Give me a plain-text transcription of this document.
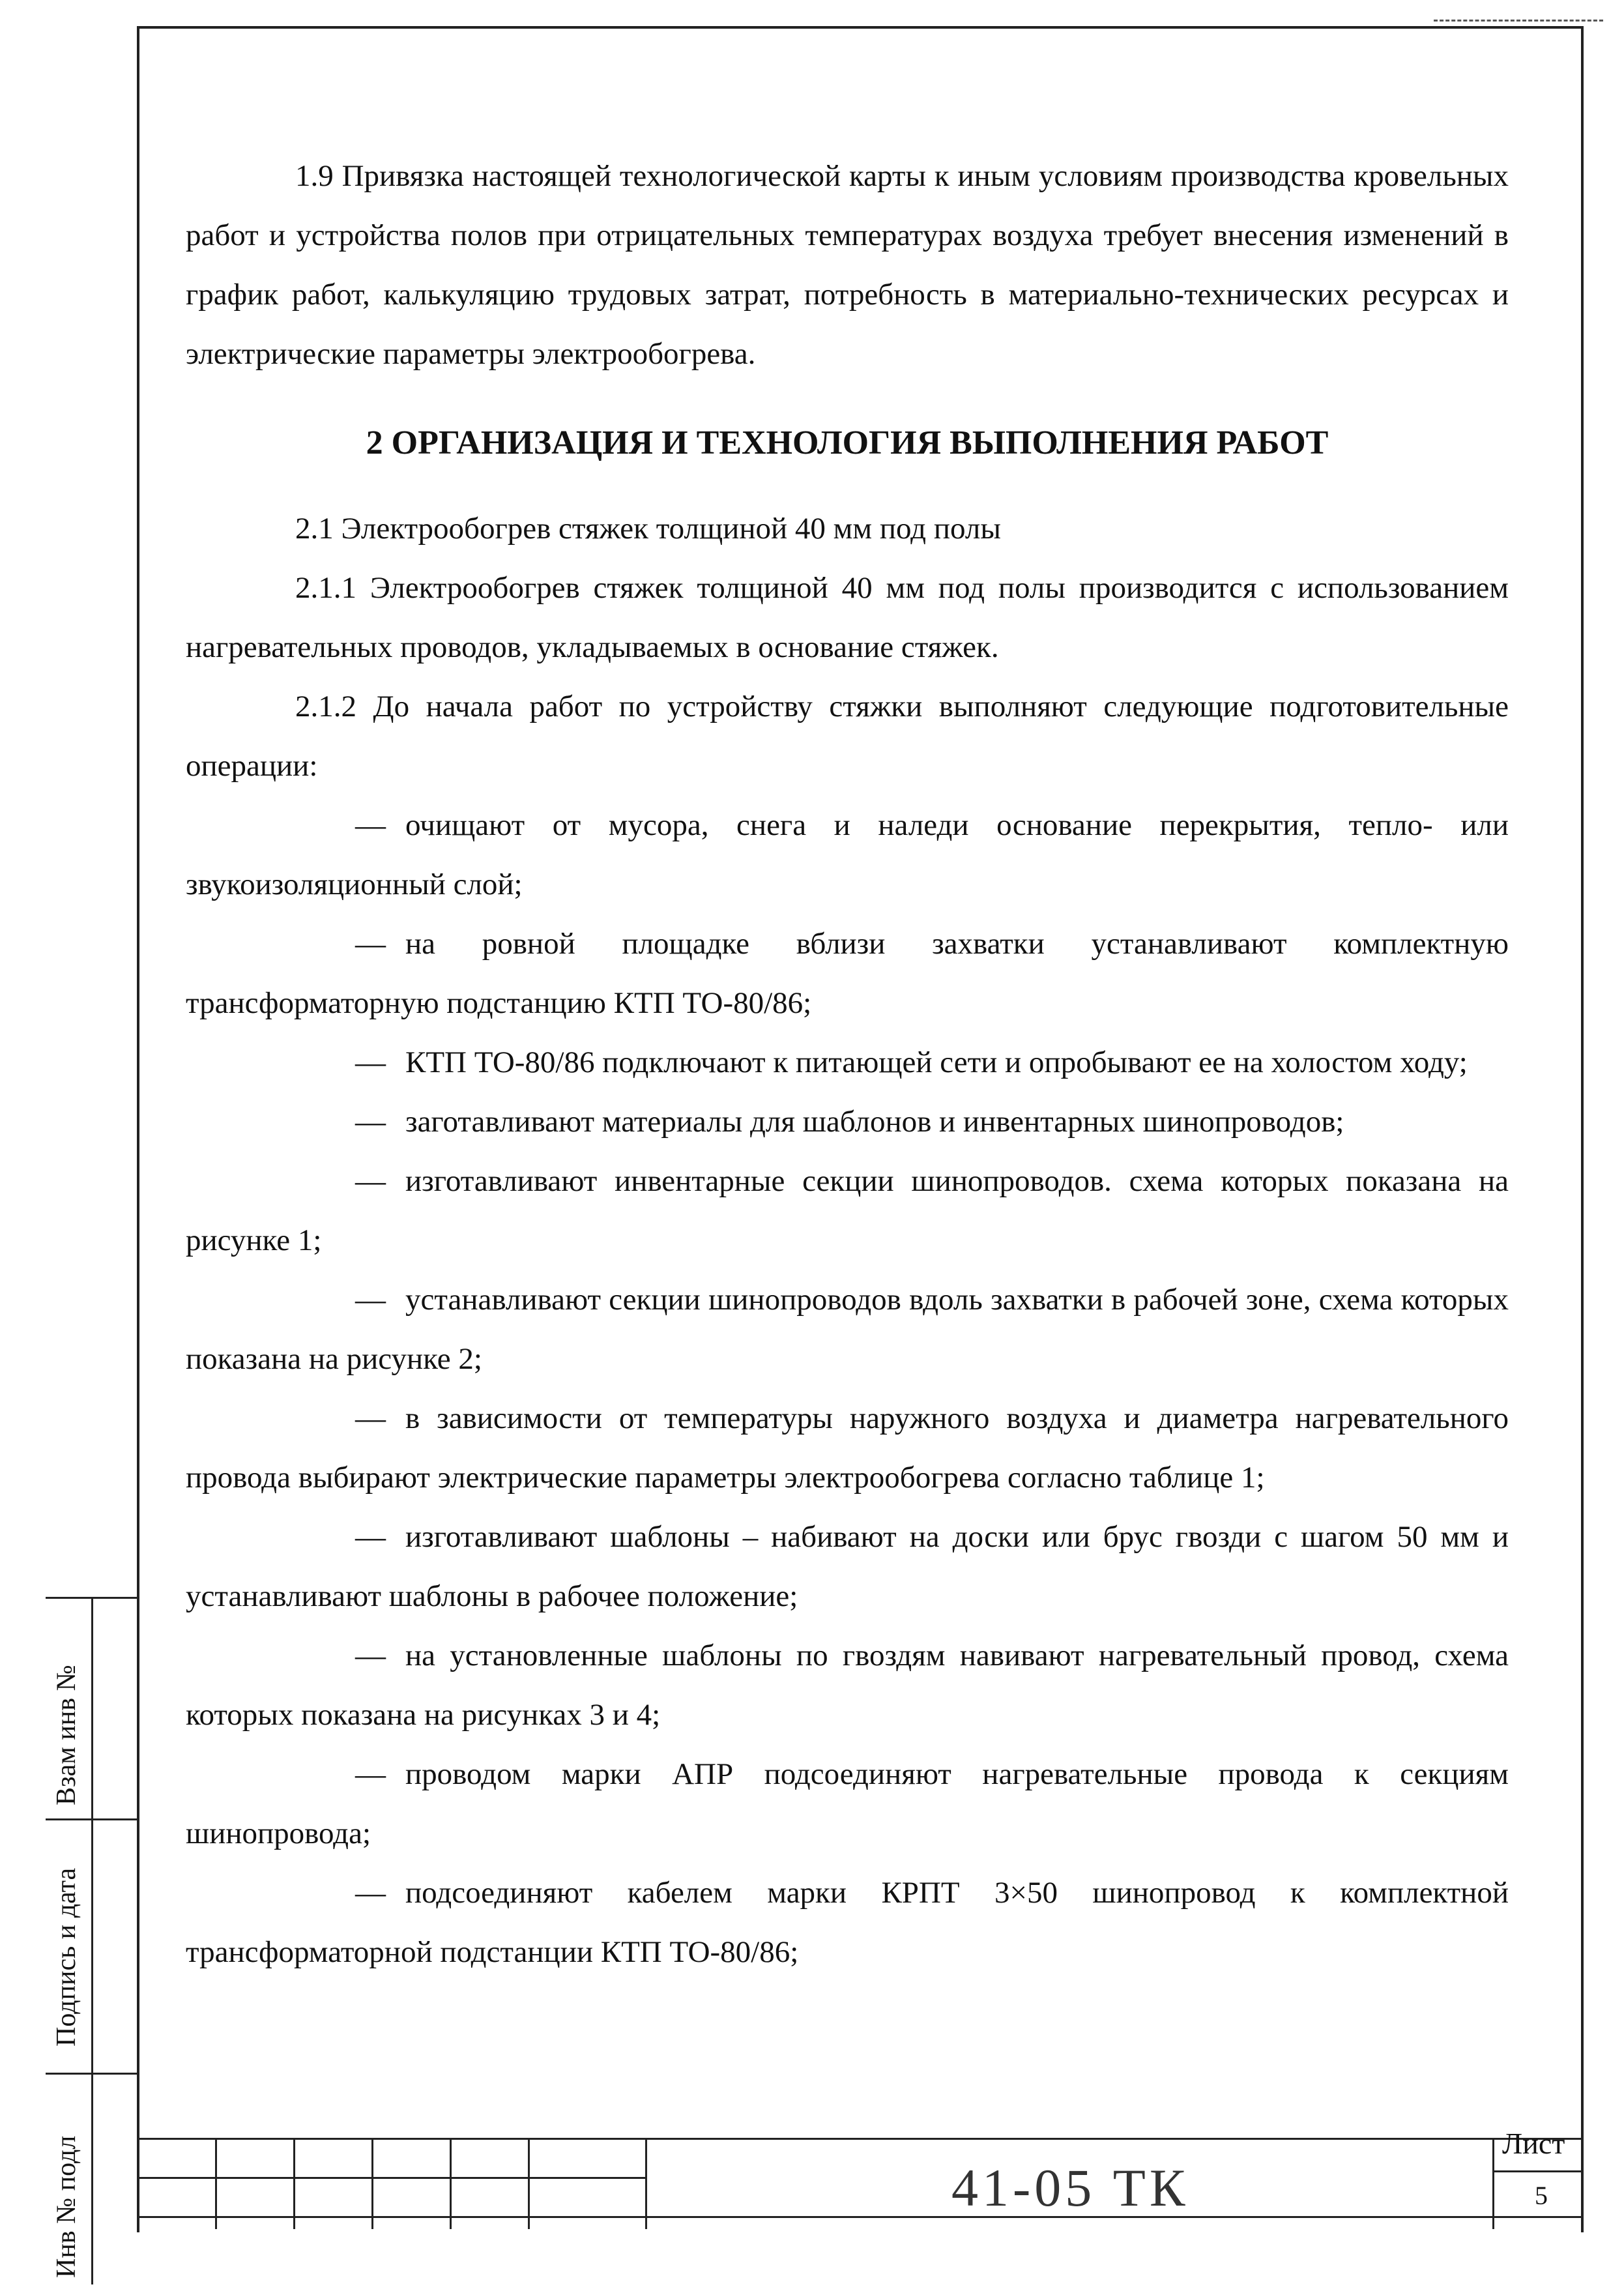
1.9 Привязка настоящей технологической карты к иным условиям производства кровельных работ и устройства полов при отрицательных температурах воздуха требует внесения изменений в график работ, калькуляцию трудовых затрат, потребность в материально-технических ресурсах и электрические параметры электрообогрева.

2 ОРГАНИЗАЦИЯ И ТЕХНОЛОГИЯ ВЫПОЛНЕНИЯ РАБОТ

2.1 Электрообогрев стяжек толщиной 40 мм под полы

2.1.1 Электрообогрев стяжек толщиной 40 мм под полы производится с использованием нагревательных проводов, укладываемых в основание стяжек.

2.1.2 До начала работ по устройству стяжки выполняют следующие подготовительные операции:

— очищают от мусора, снега и наледи основание перекрытия, тепло- или звукоизоляционный слой;

— на ровной площадке вблизи захватки устанавливают комплектную трансформаторную подстанцию КТП ТО-80/86;

— КТП ТО-80/86 подключают к питающей сети и опробывают ее на холостом ходу;

— заготавливают материалы для шаблонов и инвентарных шинопроводов;

— изготавливают инвентарные секции шинопроводов. схема которых показана на рисунке 1;

— устанавливают секции шинопроводов вдоль захватки в рабочей зоне, схема которых показана на рисунке 2;

— в зависимости от температуры наружного воздуха и диаметра нагревательного провода выбирают электрические параметры электрообогрева согласно таблице 1;

— изготавливают шаблоны – набивают на доски или брус гвозди с шагом 50 мм и устанавливают шаблоны в рабочее положение;

— на установленные шаблоны по гвоздям навивают нагревательный провод, схема которых показана на рисунках 3 и 4;

— проводом марки АПР подсоединяют нагревательные провода к секциям шинопровода;

— подсоединяют кабелем марки КРПТ 3×50 шинопровод к комплектной трансформаторной подстанции КТП ТО-80/86;

Взам инв №
Подпись и дата
Инв № подл	41-05 ТК
Лист
5
